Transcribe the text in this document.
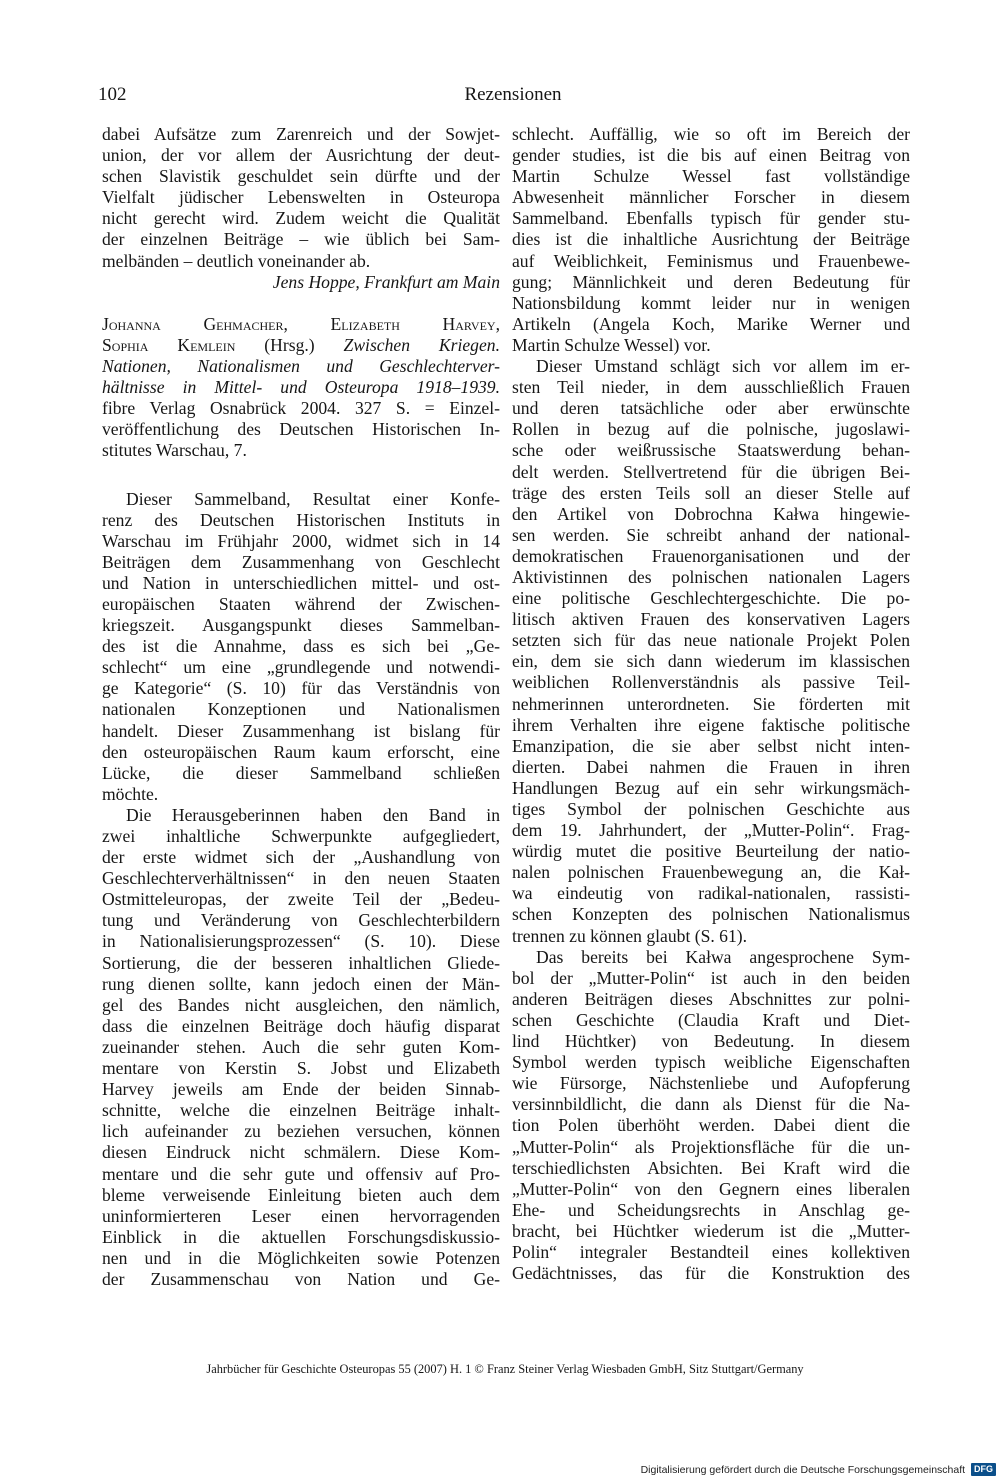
102	Rezensionen
dabei Aufsätze zum Zarenreich und der Sowjet-
union, der vor allem der Ausrichtung der deut-
schen Slavistik geschuldet sein dürfte und der
Vielfalt jüdischer Lebenswelten in Osteuropa
nicht gerecht wird. Zudem weicht die Qualität
der einzelnen Beiträge – wie üblich bei Sam-
melbänden – deutlich voneinander ab.
Jens Hoppe, Frankfurt am Main
Johanna Gehmacher, Elizabeth Harvey,
Sophia Kemlein (Hrsg.) Zwischen Kriegen.
Nationen, Nationalismen und Geschlechterver-
hältnisse in Mittel- und Osteuropa 1918–1939.
fibre Verlag Osnabrück 2004. 327 S. = Einzel-
veröffentlichung des Deutschen Historischen In-
stitutes Warschau, 7.
Dieser Sammelband, Resultat einer Konfe-
renz des Deutschen Historischen Instituts in
Warschau im Frühjahr 2000, widmet sich in 14
Beiträgen dem Zusammenhang von Geschlecht
und Nation in unterschiedlichen mittel- und ost-
europäischen Staaten während der Zwischen-
kriegszeit. Ausgangspunkt dieses Sammelban-
des ist die Annahme, dass es sich bei „Ge-
schlecht“ um eine „grundlegende und notwendi-
ge Kategorie“ (S. 10) für das Verständnis von
nationalen Konzeptionen und Nationalismen
handelt. Dieser Zusammenhang ist bislang für
den osteuropäischen Raum kaum erforscht, eine
Lücke, die dieser Sammelband schließen
möchte.
Die Herausgeberinnen haben den Band in
zwei inhaltliche Schwerpunkte aufgegliedert,
der erste widmet sich der „Aushandlung von
Geschlechterverhältnissen“ in den neuen Staaten
Ostmitteleuropas, der zweite Teil der „Bedeu-
tung und Veränderung von Geschlechterbildern
in Nationalisierungsprozessen“ (S. 10). Diese
Sortierung, die der besseren inhaltlichen Gliede-
rung dienen sollte, kann jedoch einen der Män-
gel des Bandes nicht ausgleichen, den nämlich,
dass die einzelnen Beiträge doch häufig disparat
zueinander stehen. Auch die sehr guten Kom-
mentare von Kerstin S. Jobst und Elizabeth
Harvey jeweils am Ende der beiden Sinnab-
schnitte, welche die einzelnen Beiträge inhalt-
lich aufeinander zu beziehen versuchen, können
diesen Eindruck nicht schmälern. Diese Kom-
mentare und die sehr gute und offensiv auf Pro-
bleme verweisende Einleitung bieten auch dem
uninformierteren Leser einen hervorragenden
Einblick in die aktuellen Forschungsdiskussio-
nen und in die Möglichkeiten sowie Potenzen
der Zusammenschau von Nation und Ge-
schlecht. Auffällig, wie so oft im Bereich der
gender studies, ist die bis auf einen Beitrag von
Martin Schulze Wessel fast vollständige
Abwesenheit männlicher Forscher in diesem
Sammelband. Ebenfalls typisch für gender stu-
dies ist die inhaltliche Ausrichtung der Beiträge
auf Weiblichkeit, Feminismus und Frauenbewe-
gung; Männlichkeit und deren Bedeutung für
Nationsbildung kommt leider nur in wenigen
Artikeln (Angela Koch, Marike Werner und
Martin Schulze Wessel) vor.
Dieser Umstand schlägt sich vor allem im er-
sten Teil nieder, in dem ausschließlich Frauen
und deren tatsächliche oder aber erwünschte
Rollen in bezug auf die polnische, jugoslawi-
sche oder weißrussische Staatswerdung behan-
delt werden. Stellvertretend für die übrigen Bei-
träge des ersten Teils soll an dieser Stelle auf
den Artikel von Dobrochna Kałwa hingewie-
sen werden. Sie schreibt anhand der national-
demokratischen Frauenorganisationen und der
Aktivistinnen des polnischen nationalen Lagers
eine politische Geschlechtergeschichte. Die po-
litisch aktiven Frauen des konservativen Lagers
setzten sich für das neue nationale Projekt Polen
ein, dem sie sich dann wiederum im klassischen
weiblichen Rollenverständnis als passive Teil-
nehmerinnen unterordneten. Sie förderten mit
ihrem Verhalten ihre eigene faktische politische
Emanzipation, die sie aber selbst nicht inten-
dierten. Dabei nahmen die Frauen in ihren
Handlungen Bezug auf ein sehr wirkungsmäch-
tiges Symbol der polnischen Geschichte aus
dem 19. Jahrhundert, der „Mutter-Polin“. Frag-
würdig mutet die positive Beurteilung der natio-
nalen polnischen Frauenbewegung an, die Kał-
wa eindeutig von radikal-nationalen, rassisti-
schen Konzepten des polnischen Nationalismus
trennen zu können glaubt (S. 61).
Das bereits bei Kałwa angesprochene Sym-
bol der „Mutter-Polin“ ist auch in den beiden
anderen Beiträgen dieses Abschnittes zur polni-
schen Geschichte (Claudia Kraft und Diet-
lind Hüchtker) von Bedeutung. In diesem
Symbol werden typisch weibliche Eigenschaften
wie Fürsorge, Nächstenliebe und Aufopferung
versinnbildlicht, die dann als Dienst für die Na-
tion Polen überhöht werden. Dabei dient die
„Mutter-Polin“ als Projektionsfläche für die un-
terschiedlichsten Absichten. Bei Kraft wird die
„Mutter-Polin“ von den Gegnern eines liberalen
Ehe- und Scheidungsrechts in Anschlag ge-
bracht, bei Hüchtker wiederum ist die „Mutter-
Polin“ integraler Bestandteil eines kollektiven
Gedächtnisses, das für die Konstruktion des
Jahrbücher für Geschichte Osteuropas 55 (2007) H. 1 © Franz Steiner Verlag Wiesbaden GmbH, Sitz Stuttgart/Germany
Digitalisierung gefördert durch die Deutsche Forschungsgemeinschaft DFG
